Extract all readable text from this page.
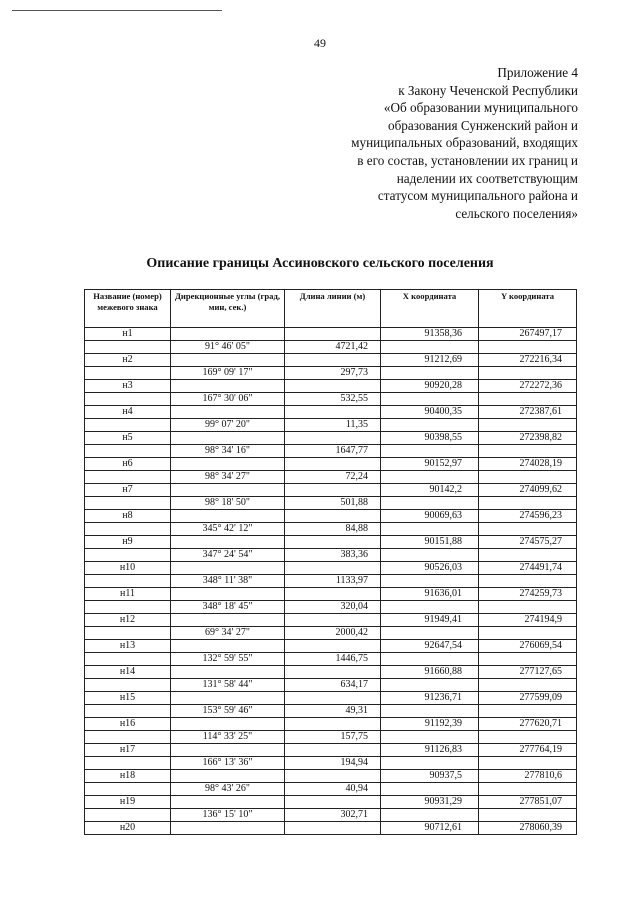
49
Приложение 4
к Закону Чеченской Республики
«Об образовании муниципального
образования Сунженский район и
муниципальных образований, входящих
в его состав, установлении их границ и
наделении их соответствующим
статусом муниципального района и
сельского поселения»
Описание границы Ассиновского сельского поселения
Название (номер) межевого знака	Дирекционные углы (град, мин, сек.)	Длина линии (м)	X координата	Y координата
н1			91358,36	267497,17
	91° 46' 05"	4721,42		
н2			91212,69	272216,34
	169° 09' 17"	297,73		
н3			90920,28	272272,36
	167° 30' 06"	532,55		
н4			90400,35	272387,61
	99° 07' 20"	11,35		
н5			90398,55	272398,82
	98° 34' 16"	1647,77		
н6			90152,97	274028,19
	98° 34' 27"	72,24		
н7			90142,2	274099,62
	98° 18' 50"	501,88		
н8			90069,63	274596,23
	345° 42' 12"	84,88		
н9			90151,88	274575,27
	347° 24' 54"	383,36		
н10			90526,03	274491,74
	348° 11' 38"	1133,97		
н11			91636,01	274259,73
	348° 18' 45"	320,04		
н12			91949,41	274194,9
	69° 34' 27"	2000,42		
н13			92647,54	276069,54
	132° 59' 55"	1446,75		
н14			91660,88	277127,65
	131° 58' 44"	634,17		
н15			91236,71	277599,09
	153° 59' 46"	49,31		
н16			91192,39	277620,71
	114° 33' 25"	157,75		
н17			91126,83	277764,19
	166° 13' 36"	194,94		
н18			90937,5	277810,6
	98° 43' 26"	40,94		
н19			90931,29	277851,07
	136° 15' 10"	302,71		
н20			90712,61	278060,39
